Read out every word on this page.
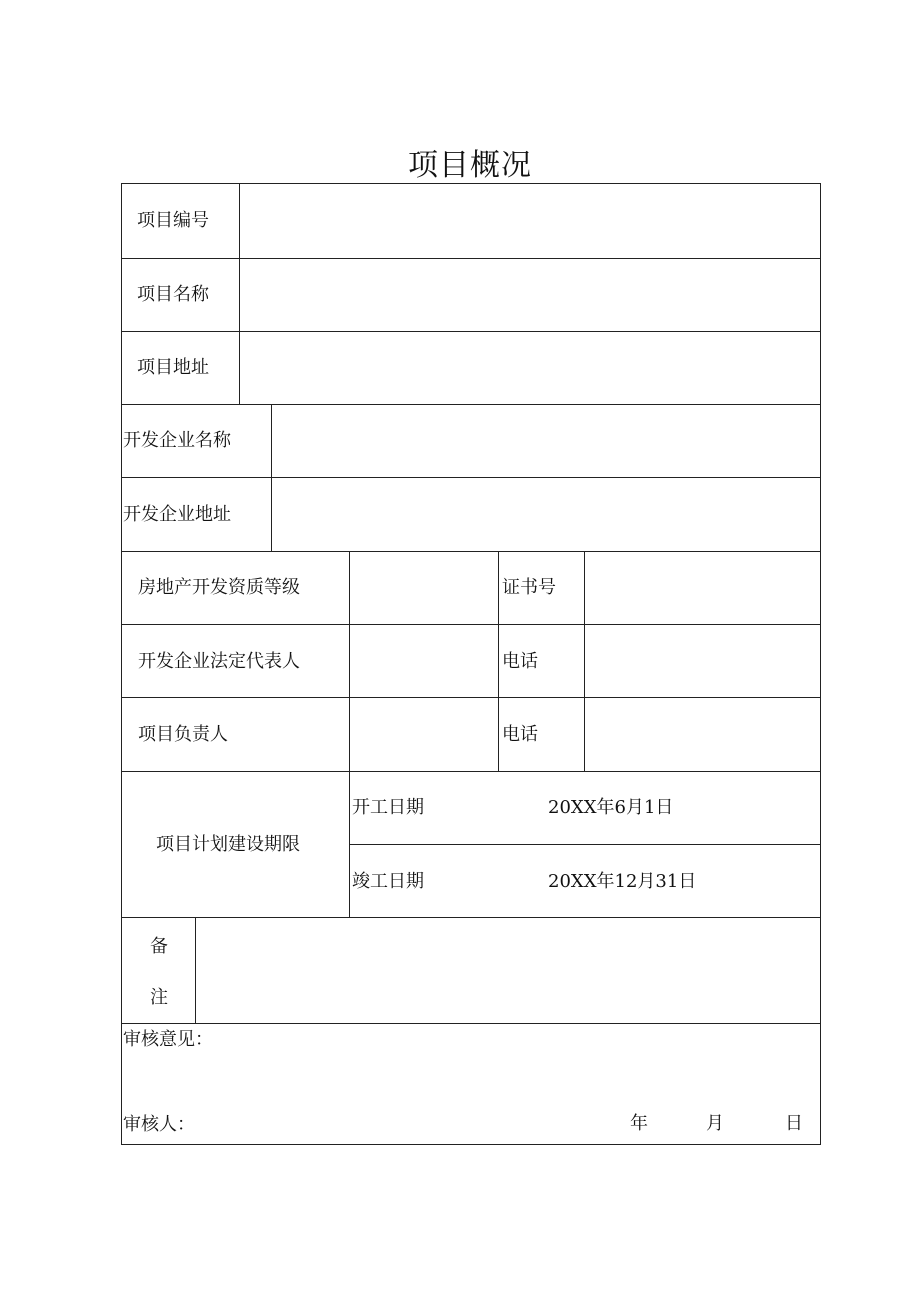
项目概况
项目编号
项目名称
项目地址
开发企业名称
开发企业地址
房地产开发资质等级	证书号
开发企业法定代表人	电话
项目负责人	电话
项目计划建设期限
开工日期	20XX年6月1日
竣工日期	20XX年12月31日
备
注
审核意见：
审核人：	年	月	日
